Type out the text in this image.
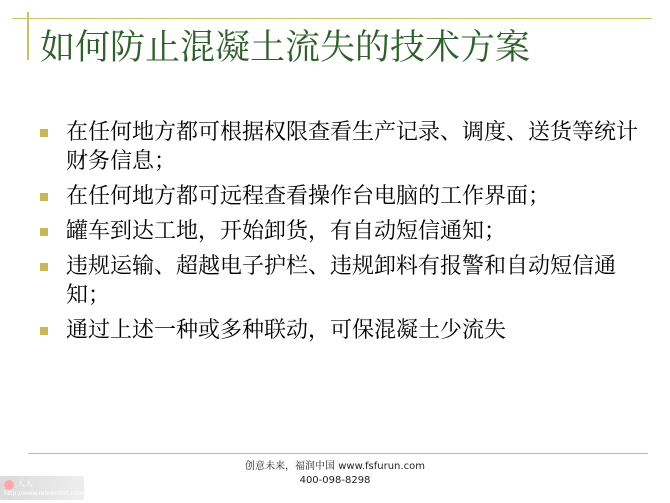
如何防止混凝土流失的技术方案
在任何地方都可根据权限查看生产记录、调度、送货等统计财务信息；
在任何地方都可远程查看操作台电脑的工作界面；
罐车到达工地，开始卸货，有自动短信通知；
违规运输、超越电子护栏、违规卸料有报警和自动短信通知；
通过上述一种或多种联动，可保混凝土少流失
创意未来，福润中国 www.fsfurun.com
400-098-8298
人人
http://www.renrendoc.com
